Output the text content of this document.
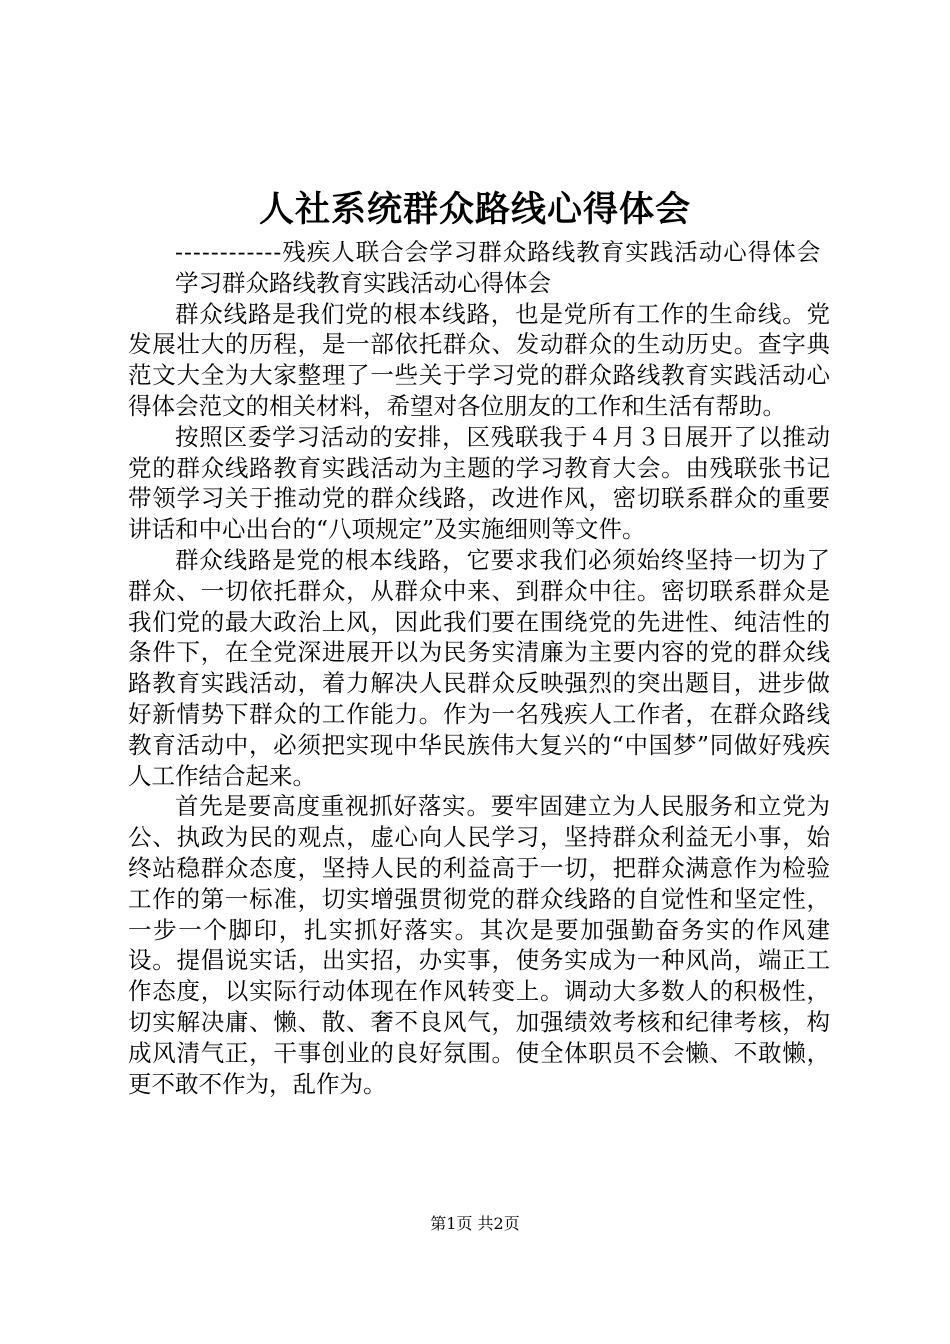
人社系统群众路线心得体会

------------残疾人联合会学习群众路线教育实践活动心得体会

学习群众路线教育实践活动心得体会

群众线路是我们党的根本线路，也是党所有工作的生命线。党发展壮大的历程，是一部依托群众、发动群众的生动历史。查字典范文大全为大家整理了一些关于学习党的群众路线教育实践活动心得体会范文的相关材料，希望对各位朋友的工作和生活有帮助。

按照区委学习活动的安排，区残联我于４月３日展开了以推动党的群众线路教育实践活动为主题的学习教育大会。由残联张书记带领学习关于推动党的群众线路，改进作风，密切联系群众的重要讲话和中心出台的“八项规定”及实施细则等文件。

群众线路是党的根本线路，它要求我们必须始终坚持一切为了群众、一切依托群众，从群众中来、到群众中往。密切联系群众是我们党的最大政治上风，因此我们要在围绕党的先进性、纯洁性的条件下，在全党深进展开以为民务实清廉为主要内容的党的群众线路教育实践活动，着力解决人民群众反映强烈的突出题目，进步做好新情势下群众的工作能力。作为一名残疾人工作者，在群众路线教育活动中，必须把实现中华民族伟大复兴的“中国梦”同做好残疾人工作结合起来。

首先是要高度重视抓好落实。要牢固建立为人民服务和立党为公、执政为民的观点，虚心向人民学习，坚持群众利益无小事，始终站稳群众态度，坚持人民的利益高于一切，把群众满意作为检验工作的第一标准，切实增强贯彻党的群众线路的自觉性和坚定性，一步一个脚印，扎实抓好落实。其次是要加强勤奋务实的作风建设。提倡说实话，出实招，办实事，使务实成为一种风尚，端正工作态度，以实际行动体现在作风转变上。调动大多数人的积极性，切实解决庸、懒、散、奢不良风气，加强绩效考核和纪律考核，构成风清气正，干事创业的良好氛围。使全体职员不会懒、不敢懒，更不敢不作为，乱作为。

第1页 共2页
